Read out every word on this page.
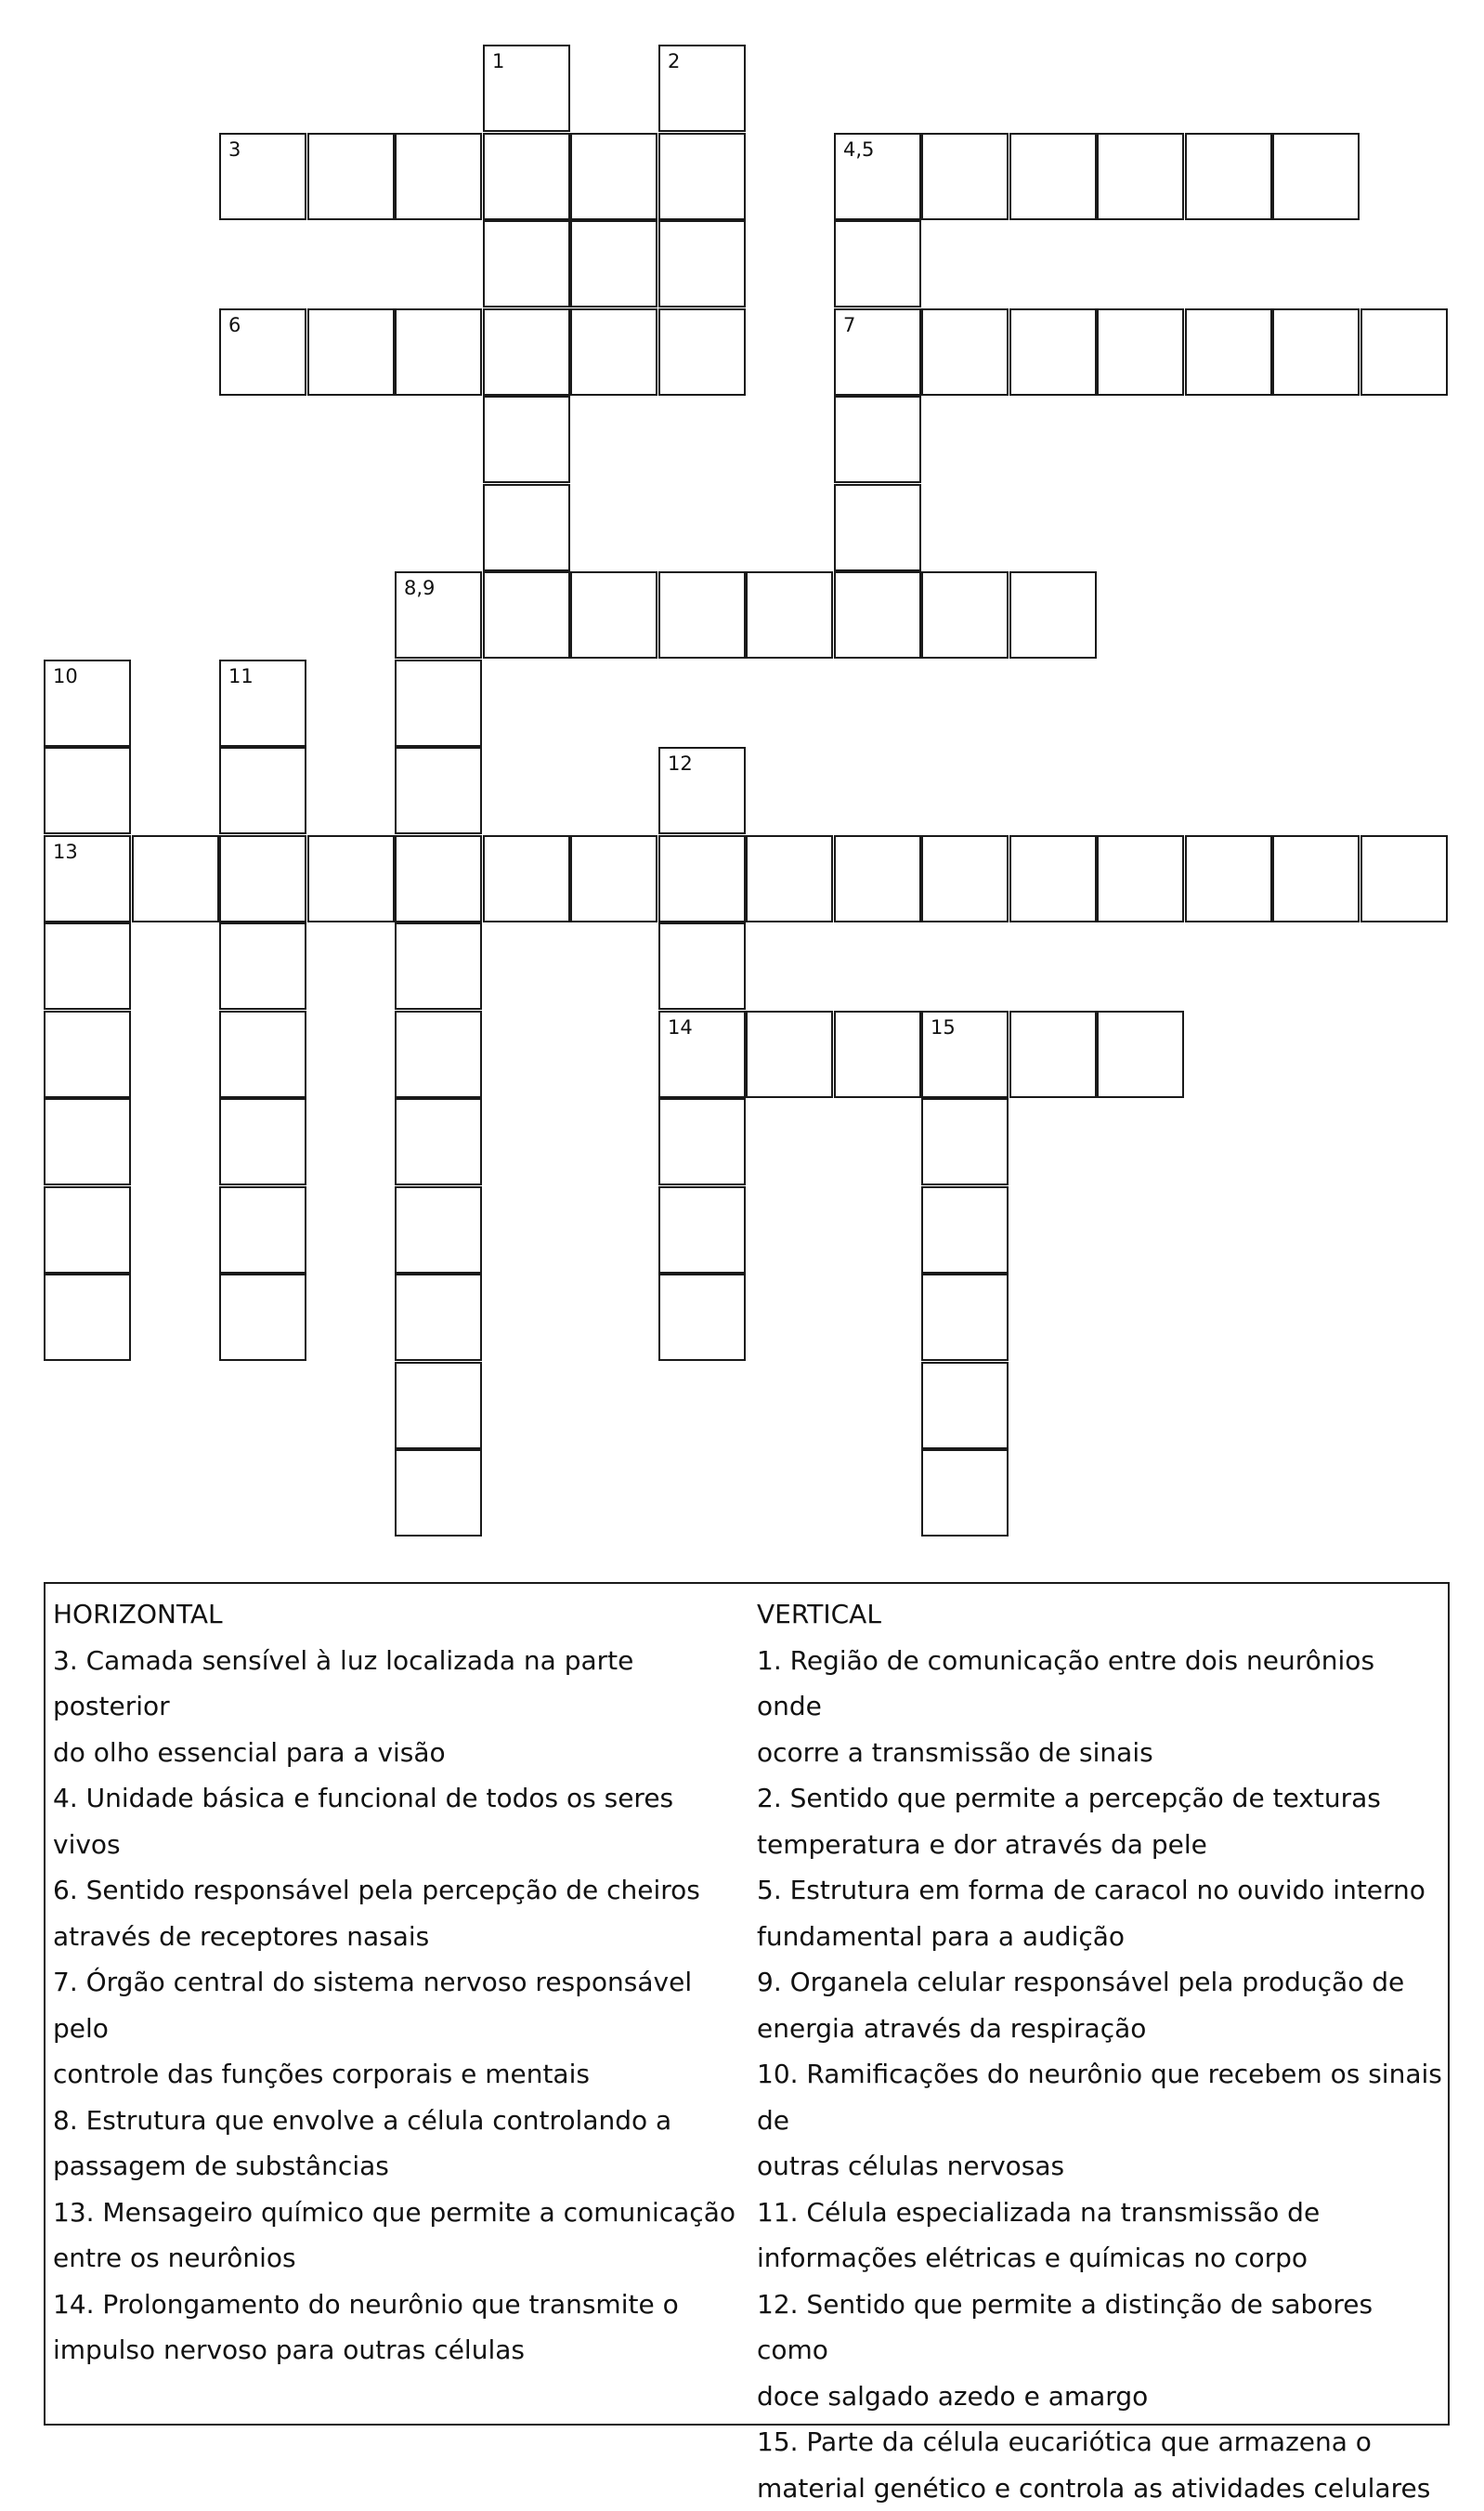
1	2
3	4,5
6	7
8,9
10	11
12
13
14	15
HORIZONTAL
3. Camada sensível à luz localizada na parte posterior
do olho essencial para a visão
4. Unidade básica e funcional de todos os seres vivos
6. Sentido responsável pela percepção de cheiros
através de receptores nasais
7. Órgão central do sistema nervoso responsável pelo
controle das funções corporais e mentais
8. Estrutura que envolve a célula controlando a
passagem de substâncias
13. Mensageiro químico que permite a comunicação
entre os neurônios
14. Prolongamento do neurônio que transmite o
impulso nervoso para outras células
VERTICAL
1. Região de comunicação entre dois neurônios onde
ocorre a transmissão de sinais
2. Sentido que permite a percepção de texturas
temperatura e dor através da pele
5. Estrutura em forma de caracol no ouvido interno
fundamental para a audição
9. Organela celular responsável pela produção de
energia através da respiração
10. Ramificações do neurônio que recebem os sinais de
outras células nervosas
11. Célula especializada na transmissão de
informações elétricas e químicas no corpo
12. Sentido que permite a distinção de sabores como
doce salgado azedo e amargo
15. Parte da célula eucariótica que armazena o
material genético e controla as atividades celulares
